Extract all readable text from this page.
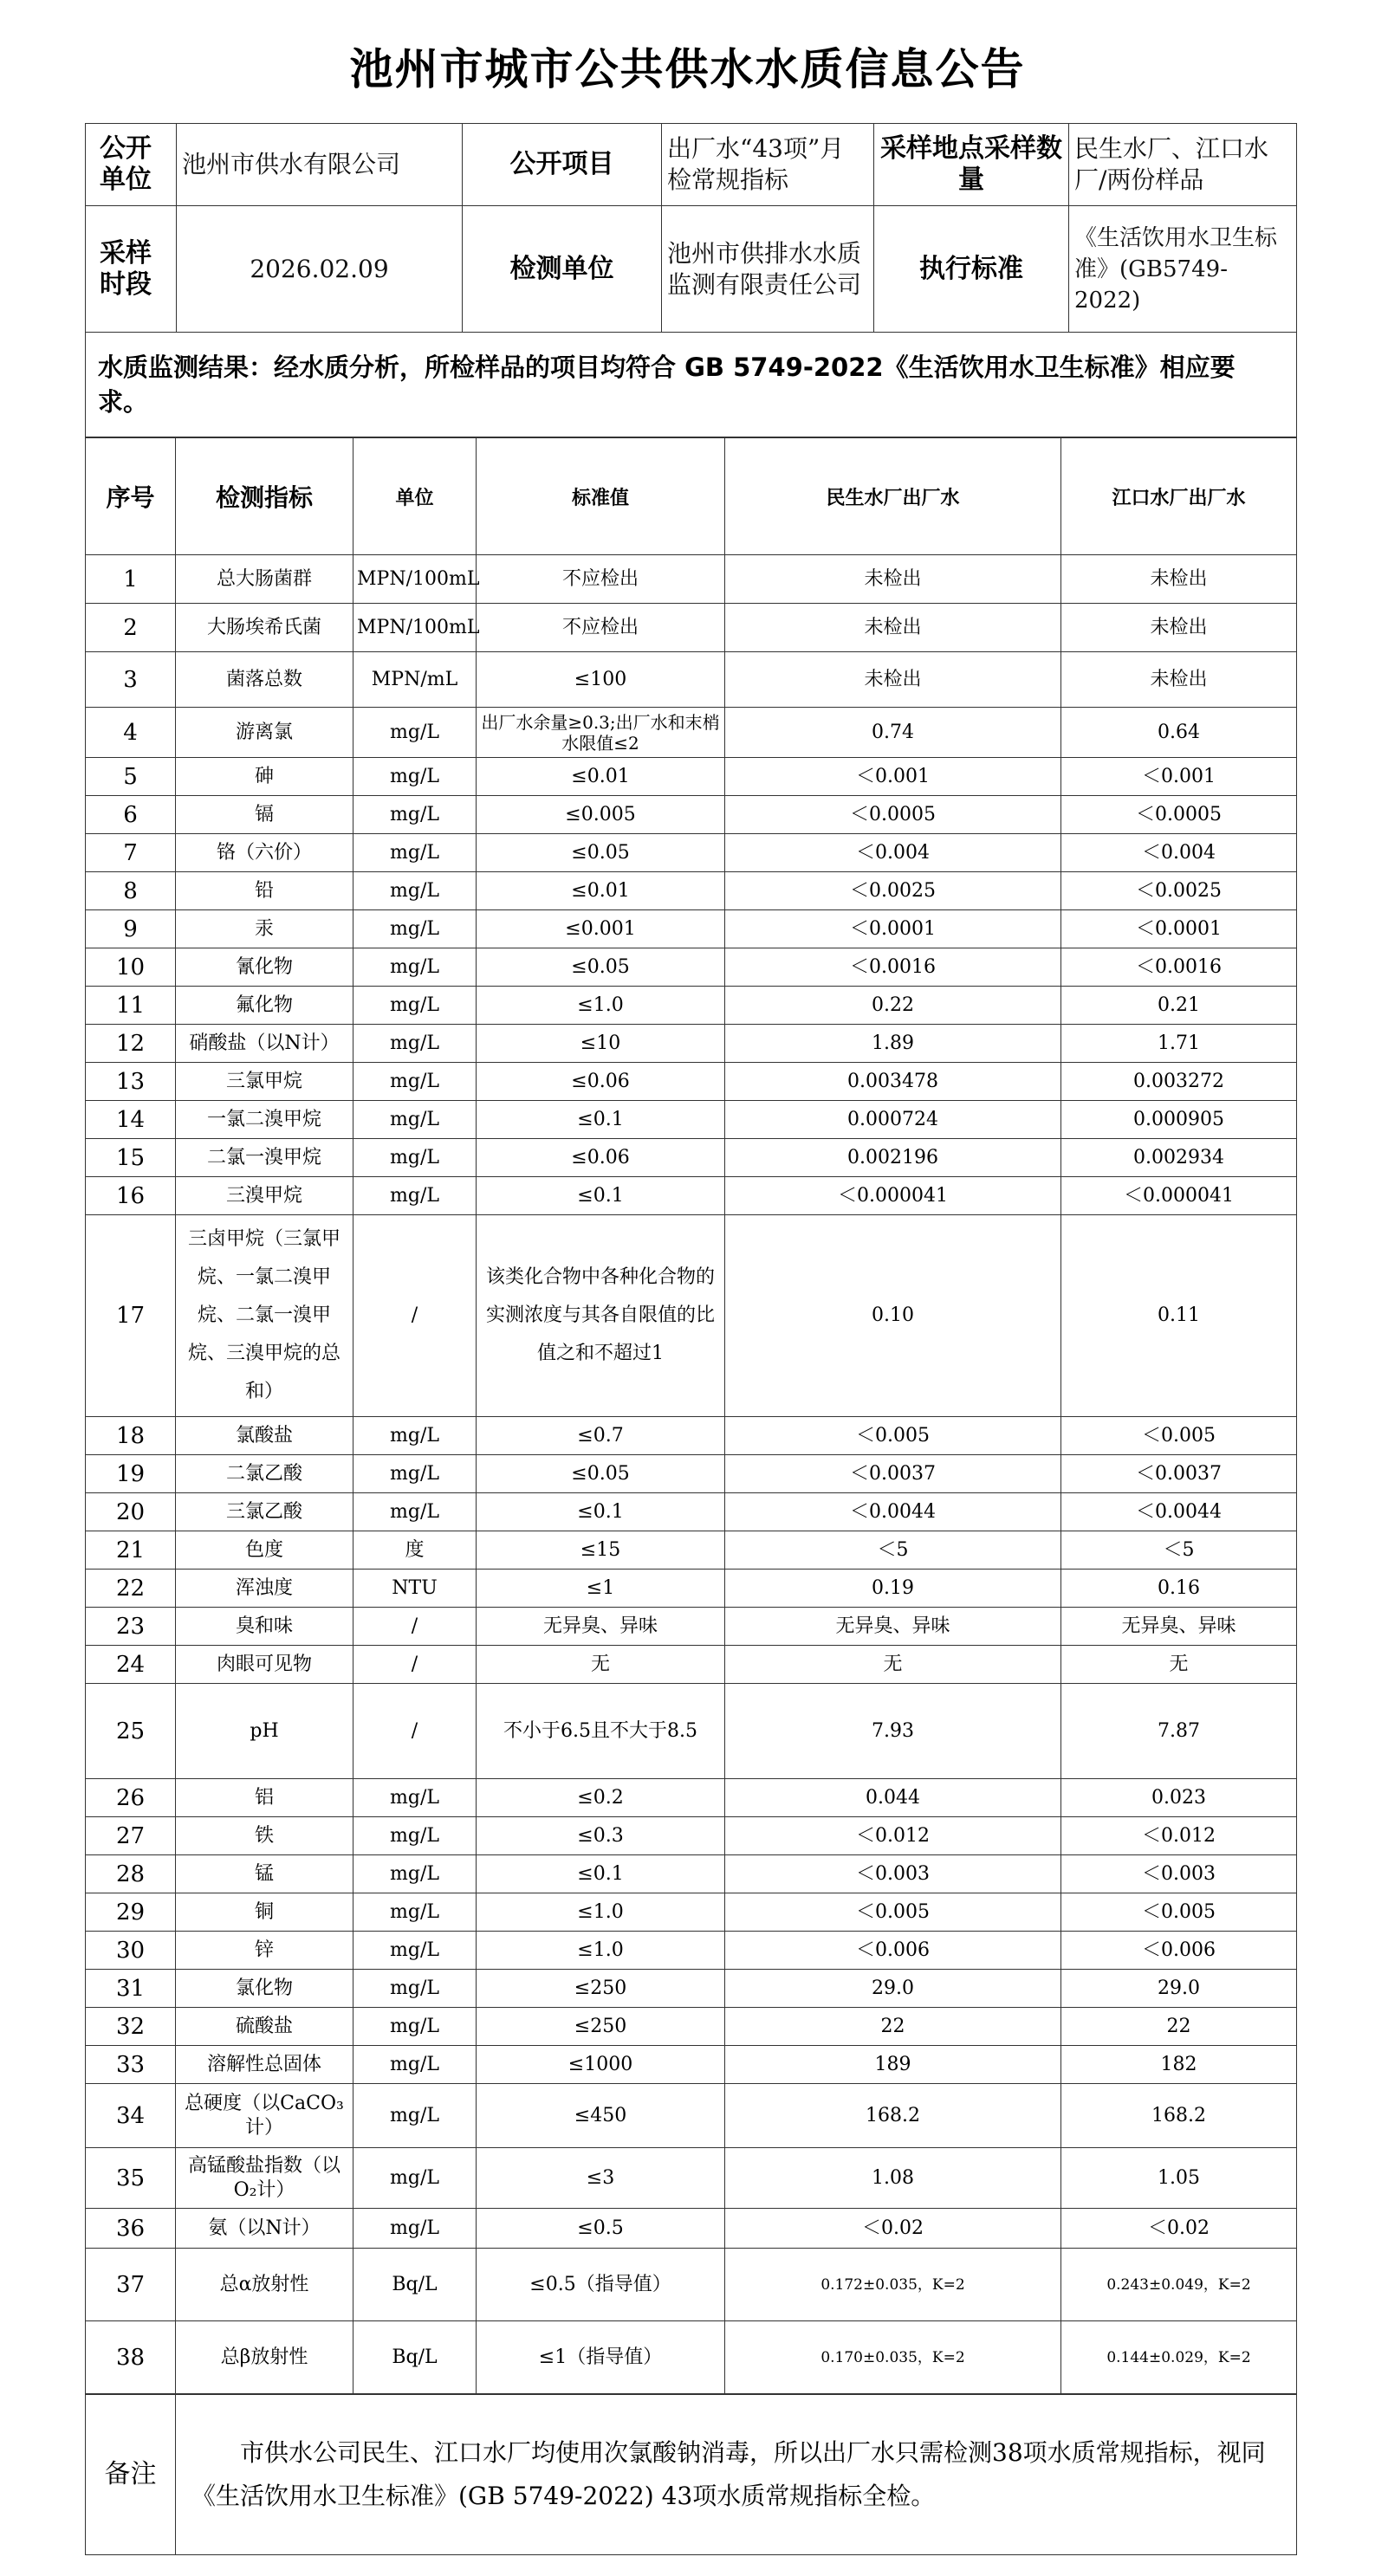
池州市城市公共供水水质信息公告
公开单位	池州市供水有限公司	公开项目	出厂水“43项”月检常规指标	采样地点采样数量	民生水厂、江口水厂/两份样品
采样时段	2026.02.09	检测单位	池州市供排水水质监测有限责任公司	执行标准	《生活饮用水卫生标准》(GB5749-2022)
水质监测结果：经水质分析，所检样品的项目均符合 GB 5749-2022《生活饮用水卫生标准》相应要求。					
序号	检测指标	单位	标准值	民生水厂出厂水	江口水厂出厂水
1	总大肠菌群	MPN/100mL	不应检出	未检出	未检出
2	大肠埃希氏菌	MPN/100mL	不应检出	未检出	未检出
3	菌落总数	MPN/mL	≤100	未检出	未检出
4	游离氯	mg/L	出厂水余量≥0.3;出厂水和末梢水限值≤2	0.74	0.64
5	砷	mg/L	≤0.01	＜0.001	＜0.001
6	镉	mg/L	≤0.005	＜0.0005	＜0.0005
7	铬（六价）	mg/L	≤0.05	＜0.004	＜0.004
8	铅	mg/L	≤0.01	＜0.0025	＜0.0025
9	汞	mg/L	≤0.001	＜0.0001	＜0.0001
10	氰化物	mg/L	≤0.05	＜0.0016	＜0.0016
11	氟化物	mg/L	≤1.0	0.22	0.21
12	硝酸盐（以N计）	mg/L	≤10	1.89	1.71
13	三氯甲烷	mg/L	≤0.06	0.003478	0.003272
14	一氯二溴甲烷	mg/L	≤0.1	0.000724	0.000905
15	二氯一溴甲烷	mg/L	≤0.06	0.002196	0.002934
16	三溴甲烷	mg/L	≤0.1	＜0.000041	＜0.000041
17	三卤甲烷（三氯甲烷、一氯二溴甲烷、二氯一溴甲烷、三溴甲烷的总和）	/	该类化合物中各种化合物的实测浓度与其各自限值的比值之和不超过1	0.10	0.11
18	氯酸盐	mg/L	≤0.7	＜0.005	＜0.005
19	二氯乙酸	mg/L	≤0.05	＜0.0037	＜0.0037
20	三氯乙酸	mg/L	≤0.1	＜0.0044	＜0.0044
21	色度	度	≤15	＜5	＜5
22	浑浊度	NTU	≤1	0.19	0.16
23	臭和味	/	无异臭、异味	无异臭、异味	无异臭、异味
24	肉眼可见物	/	无	无	无
25	pH	/	不小于6.5且不大于8.5	7.93	7.87
26	铝	mg/L	≤0.2	0.044	0.023
27	铁	mg/L	≤0.3	＜0.012	＜0.012
28	锰	mg/L	≤0.1	＜0.003	＜0.003
29	铜	mg/L	≤1.0	＜0.005	＜0.005
30	锌	mg/L	≤1.0	＜0.006	＜0.006
31	氯化物	mg/L	≤250	29.0	29.0
32	硫酸盐	mg/L	≤250	22	22
33	溶解性总固体	mg/L	≤1000	189	182
34	总硬度（以CaCO₃计）	mg/L	≤450	168.2	168.2
35	高锰酸盐指数（以O₂计）	mg/L	≤3	1.08	1.05
36	氨（以N计）	mg/L	≤0.5	＜0.02	＜0.02
37	总α放射性	Bq/L	≤0.5（指导值）	0.172±0.035，K=2	0.243±0.049，K=2
38	总β放射性	Bq/L	≤1（指导值）	0.170±0.035，K=2	0.144±0.029，K=2
备注	市供水公司民生、江口水厂均使用次氯酸钠消毒，所以出厂水只需检测38项水质常规指标，视同《生活饮用水卫生标准》(GB 5749-2022) 43项水质常规指标全检。
